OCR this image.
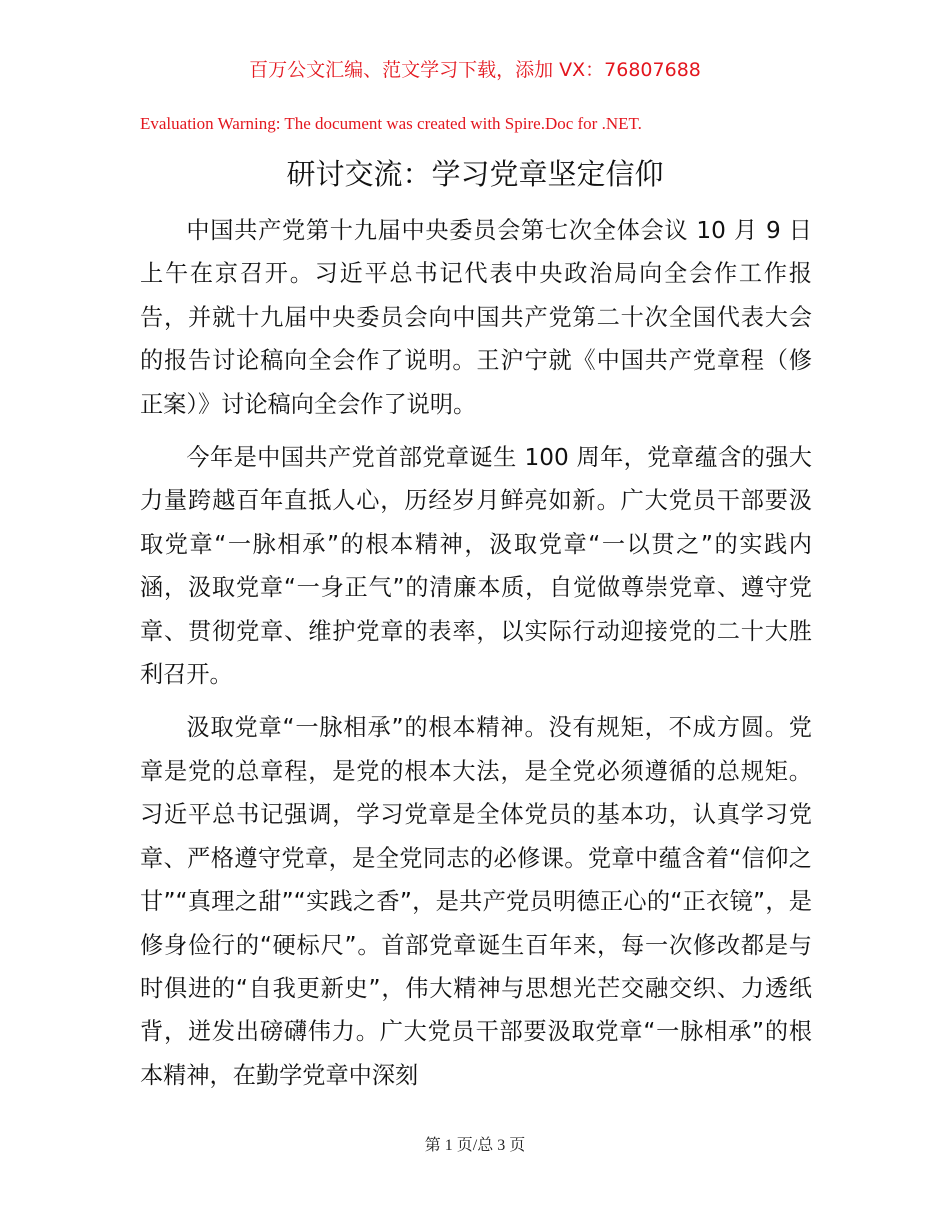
百万公文汇编、范文学习下载，添加 VX：76807688
Evaluation Warning: The document was created with Spire.Doc for .NET.
研讨交流：学习党章坚定信仰

中国共产党第十九届中央委员会第七次全体会议 10 月 9 日上午在京召开。习近平总书记代表中央政治局向全会作工作报告，并就十九届中央委员会向中国共产党第二十次全国代表大会的报告讨论稿向全会作了说明。王沪宁就《中国共产党章程（修正案）》讨论稿向全会作了说明。

今年是中国共产党首部党章诞生 100 周年，党章蕴含的强大力量跨越百年直抵人心，历经岁月鲜亮如新。广大党员干部要汲取党章“一脉相承”的根本精神，汲取党章“一以贯之”的实践内涵，汲取党章“一身正气”的清廉本质，自觉做尊崇党章、遵守党章、贯彻党章、维护党章的表率，以实际行动迎接党的二十大胜利召开。

汲取党章“一脉相承”的根本精神。没有规矩，不成方圆。党章是党的总章程，是党的根本大法，是全党必须遵循的总规矩。习近平总书记强调，学习党章是全体党员的基本功，认真学习党章、严格遵守党章，是全党同志的必修课。党章中蕴含着“信仰之甘”“真理之甜”“实践之香”，是共产党员明德正心的“正衣镜”，是修身俭行的“硬标尺”。首部党章诞生百年来，每一次修改都是与时俱进的“自我更新史”，伟大精神与思想光芒交融交织、力透纸背，迸发出磅礴伟力。广大党员干部要汲取党章“一脉相承”的根本精神，在勤学党章中深刻

第 1 页/总 3 页
